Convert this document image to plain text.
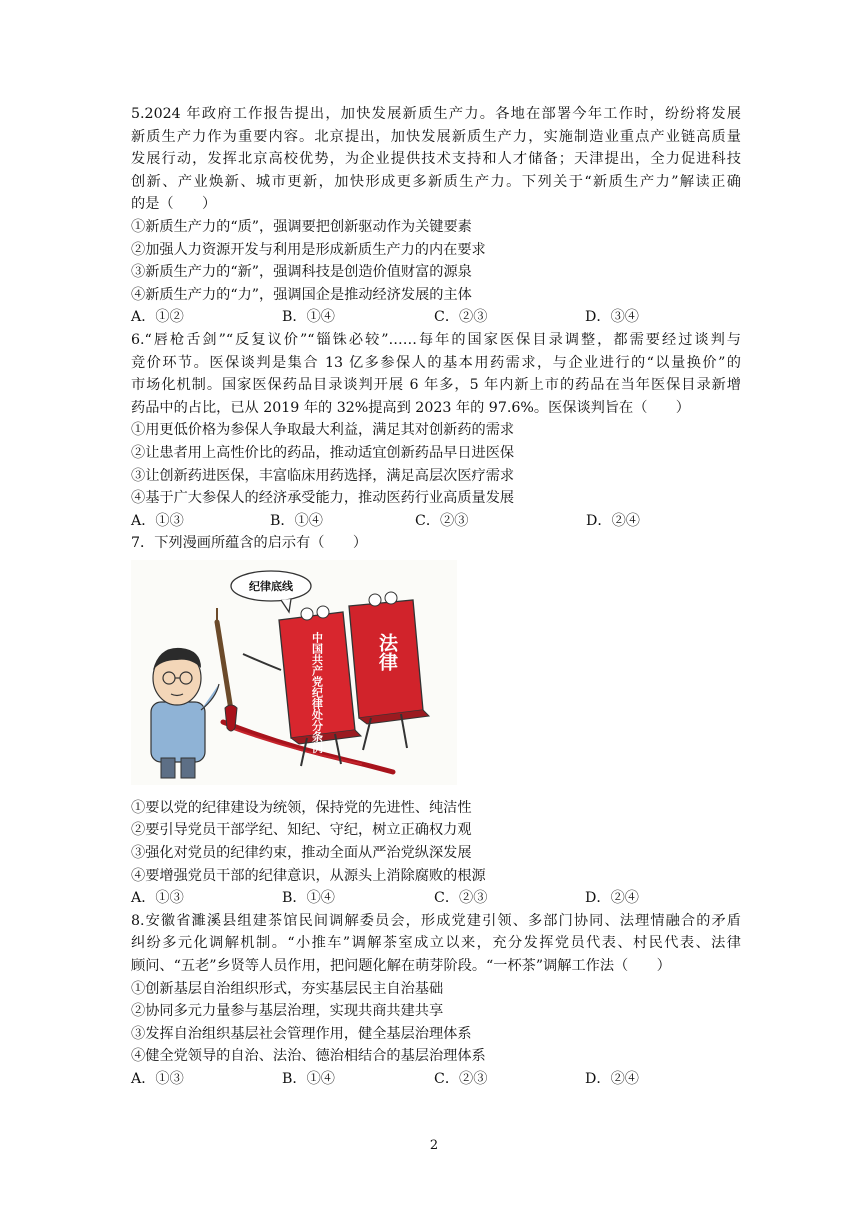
5.2024 年政府工作报告提出，加快发展新质生产力。各地在部署今年工作时，纷纷将发展
新质生产力作为重要内容。北京提出，加快发展新质生产力，实施制造业重点产业链高质量
发展行动，发挥北京高校优势，为企业提供技术支持和人才储备；天津提出，全力促进科技
创新、产业焕新、城市更新，加快形成更多新质生产力。下列关于“新质生产力”解读正确
的是（　　）
①新质生产力的“质”，强调要把创新驱动作为关键要素
②加强人力资源开发与利用是形成新质生产力的内在要求
③新质生产力的“新”，强调科技是创造价值财富的源泉
④新质生产力的“力”，强调国企是推动经济发展的主体
A．①②	B．①④	C．②③	D．③④
6.“唇枪舌剑”“反复议价”“锱铢必较”……每年的国家医保目录调整，都需要经过谈判与
竞价环节。医保谈判是集合 13 亿多参保人的基本用药需求，与企业进行的“以量换价”的
市场化机制。国家医保药品目录谈判开展 6 年多，5 年内新上市的药品在当年医保目录新增
药品中的占比，已从 2019 年的 32%提高到 2023 年的 97.6%。医保谈判旨在（　　）
①用更低价格为参保人争取最大利益，满足其对创新药的需求
②让患者用上高性价比的药品，推动适宜创新药品早日进医保
③让创新药进医保，丰富临床用药选择，满足高层次医疗需求
④基于广大参保人的经济承受能力，推动医药行业高质量发展
A．①③	B．①④	C．②③	D．②④
7．下列漫画所蕴含的启示有（　　）
纪律底线
法律
中国共产党纪律处分条例
①要以党的纪律建设为统领，保持党的先进性、纯洁性
②要引导党员干部学纪、知纪、守纪，树立正确权力观
③强化对党员的纪律约束，推动全面从严治党纵深发展
④要增强党员干部的纪律意识，从源头上消除腐败的根源
A．①③	B．①④	C．②③	D．②④
8.安徽省濉溪县组建茶馆民间调解委员会，形成党建引领、多部门协同、法理情融合的矛盾
纠纷多元化调解机制。“小推车”调解茶室成立以来，充分发挥党员代表、村民代表、法律
顾问、“五老”乡贤等人员作用，把问题化解在萌芽阶段。“一杯茶”调解工作法（　　）
①创新基层自治组织形式，夯实基层民主自治基础
②协同多元力量参与基层治理，实现共商共建共享
③发挥自治组织基层社会管理作用，健全基层治理体系
④健全党领导的自治、法治、德治相结合的基层治理体系
A．①③	B．①④	C．②③	D．②④
2
